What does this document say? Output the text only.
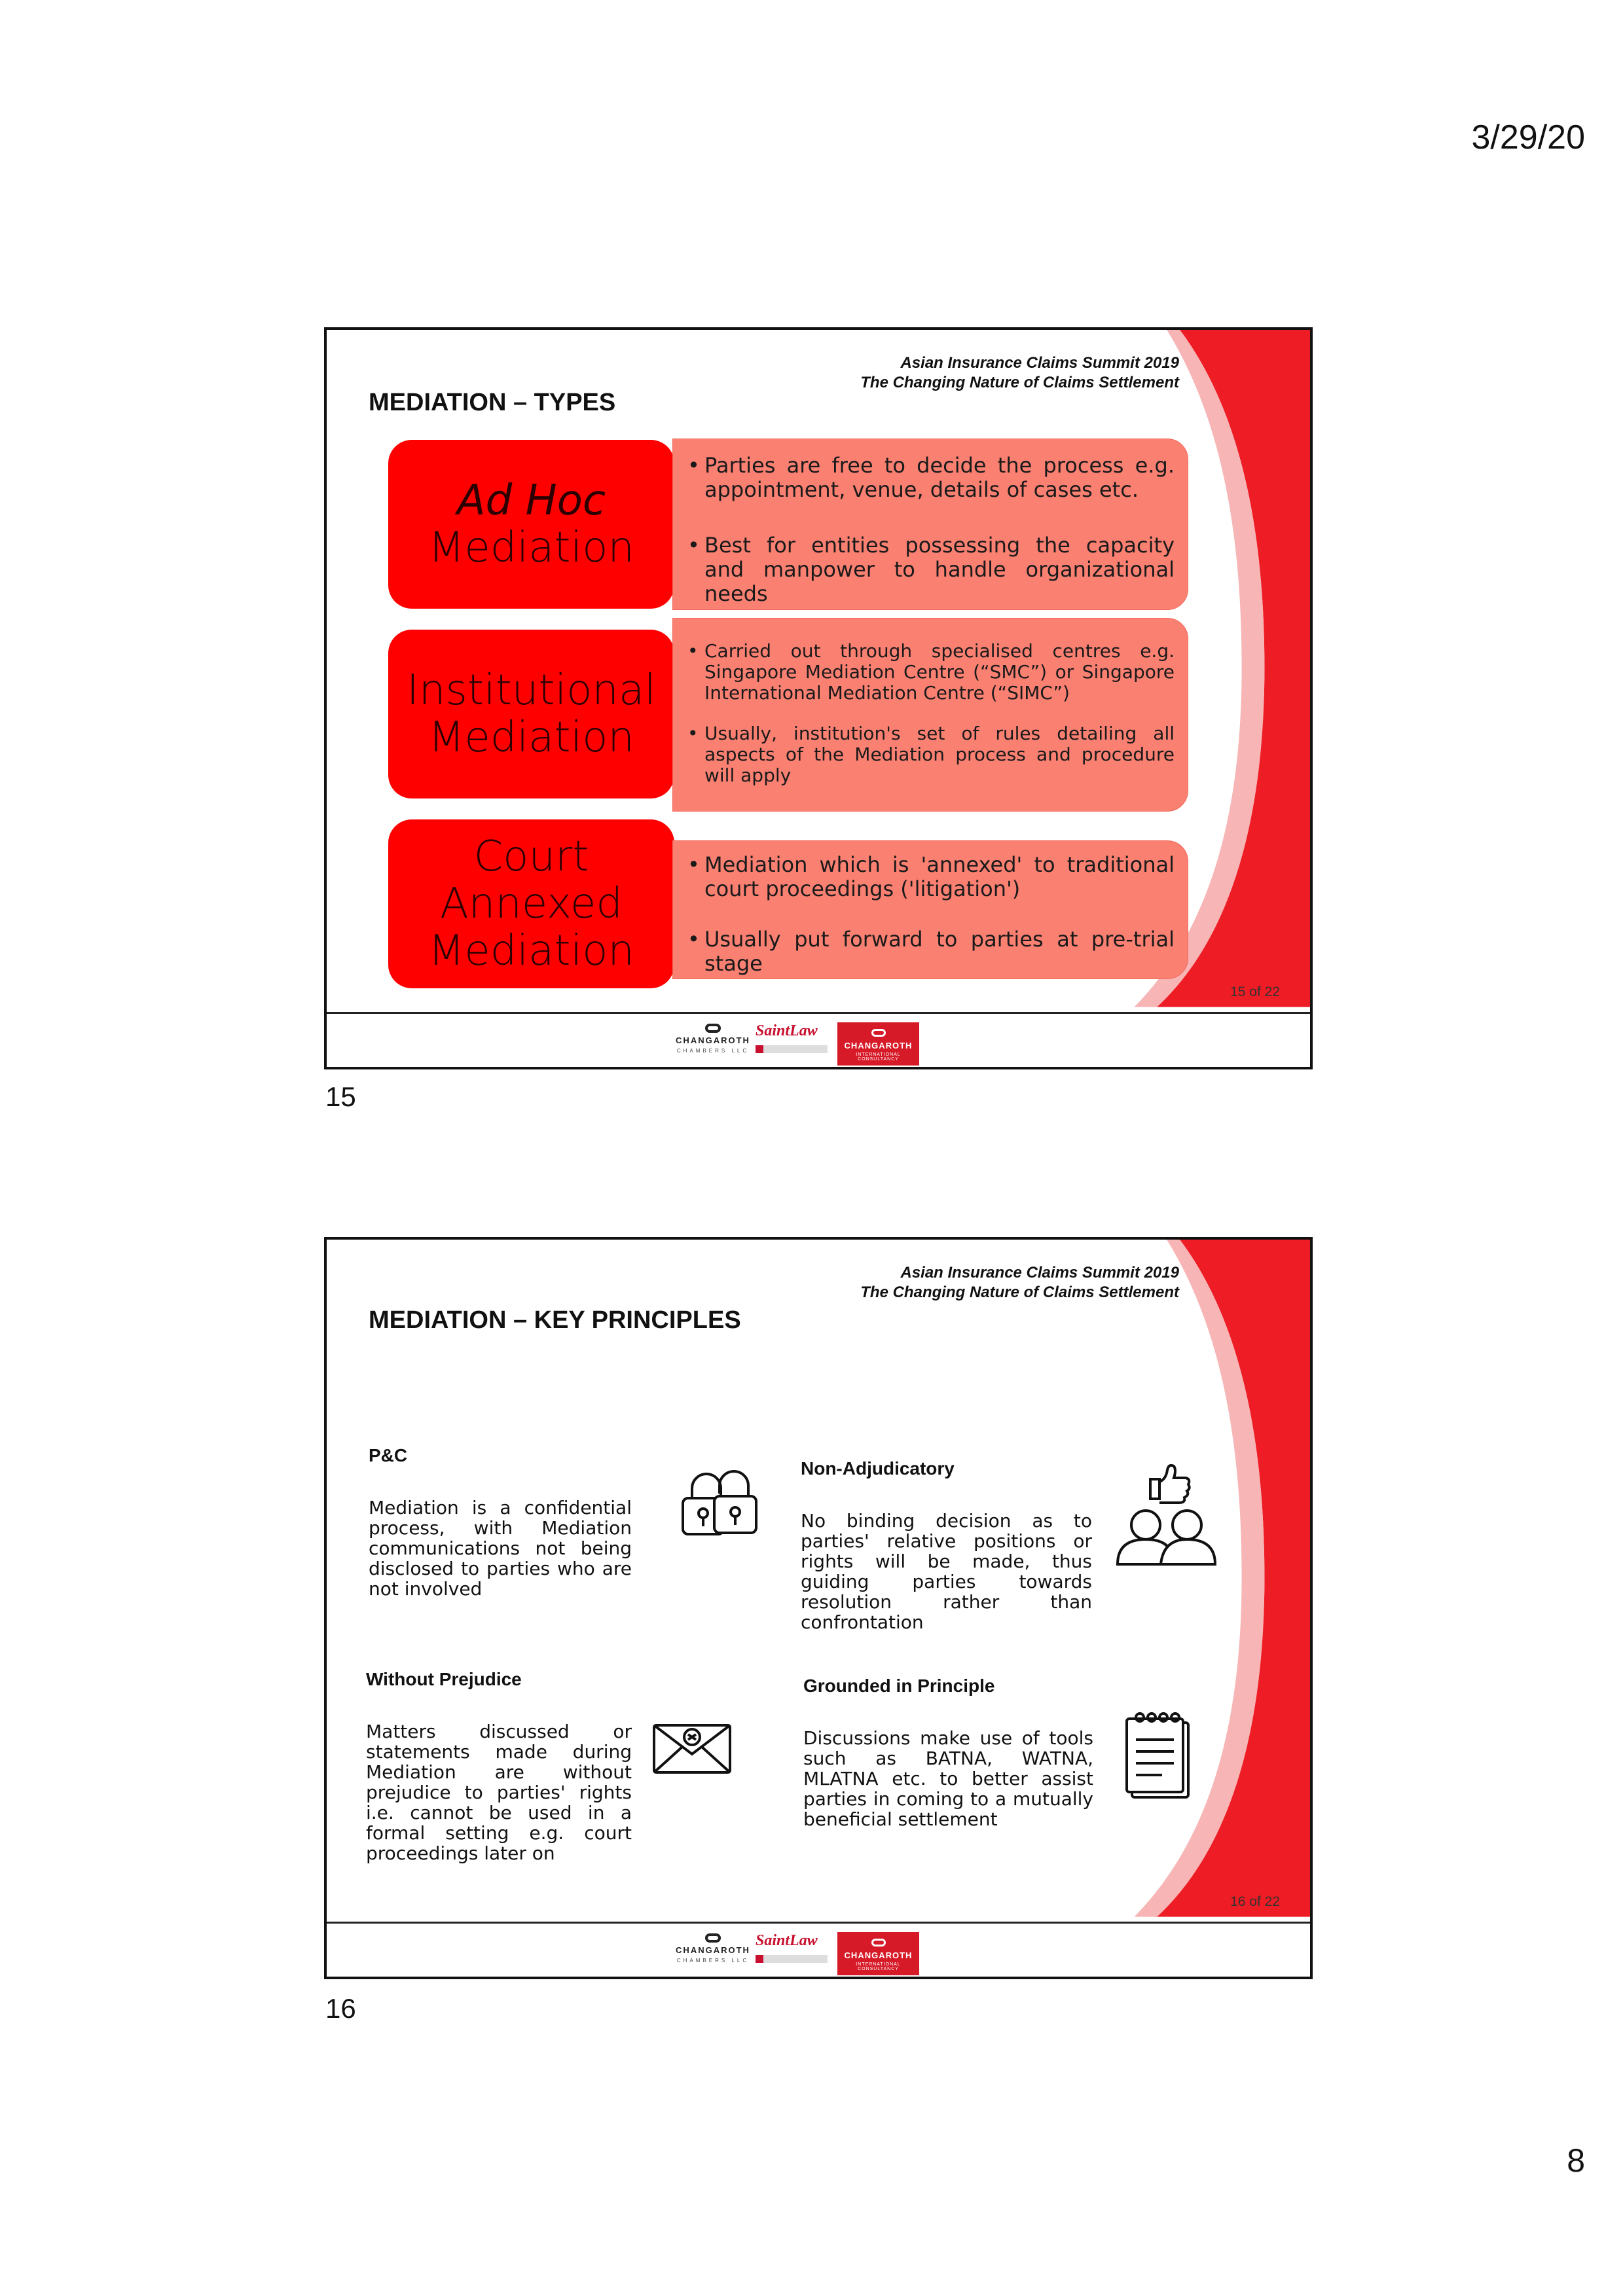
3/29/20
Asian Insurance Claims Summit 2019
The Changing Nature of Claims Settlement
MEDIATION – TYPES
Ad Hoc
Mediation
• Parties are free to decide the process e.g. appointment, venue, details of cases etc.
• Best for entities possessing the capacity and manpower to handle organizational needs
Institutional
Mediation
• Carried out through specialised centres e.g. Singapore Mediation Centre (“SMC”) or Singapore International Mediation Centre (“SIMC”)
• Usually, institution's set of rules detailing all aspects of the Mediation process and procedure will apply
Court
Annexed
Mediation
• Mediation which is 'annexed' to traditional court proceedings ('litigation')
• Usually put forward to parties at pre-trial stage
15 of 22
CHANGAROTH
CHAMBERS LLC
SaintLaw
CHANGAROTH
INTERNATIONAL CONSULTANCY
15
Asian Insurance Claims Summit 2019
The Changing Nature of Claims Settlement
MEDIATION – KEY PRINCIPLES
P&C
Mediation is a confidential process, with Mediation communications not being disclosed to parties who are not involved
Non-Adjudicatory
No binding decision as to parties' relative positions or rights will be made, thus guiding parties towards resolution rather than confrontation
Without Prejudice
Matters discussed or statements made during Mediation are without prejudice to parties' rights i.e. cannot be used in a formal setting e.g. court proceedings later on
Grounded in Principle
Discussions make use of tools such as BATNA, WATNA, MLATNA etc. to better assist parties in coming to a mutually beneficial settlement
16 of 22
CHANGAROTH
CHAMBERS LLC
SaintLaw
CHANGAROTH
INTERNATIONAL CONSULTANCY
16
8
